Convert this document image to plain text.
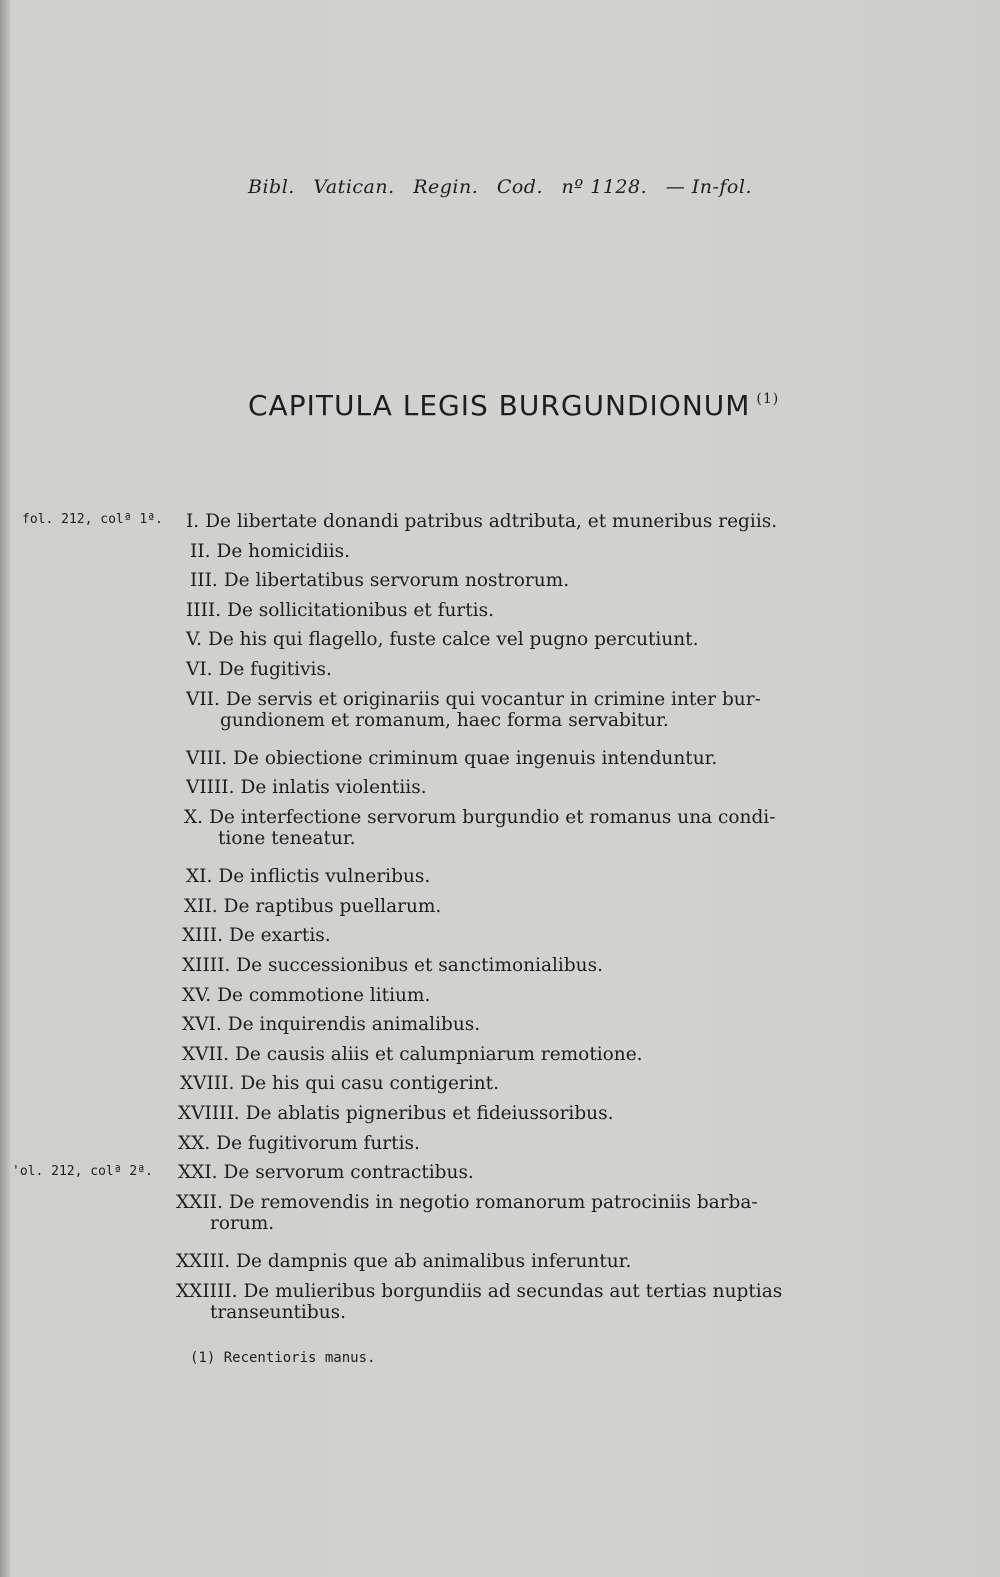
Bibl. Vatican. Regin. Cod. nº 1128. — In-fol.
CAPITULA LEGIS BURGUNDIONUM $^{(1)}$
fol. 212, colª 1ª.
'ol. 212, colª 2ª.
I. De libertate donandi patribus adtributa, et muneribus regiis.
II. De homicidiis.
III. De libertatibus servorum nostrorum.
IIII. De sollicitationibus et furtis.
V. De his qui flagello, fuste calce vel pugno percutiunt.
VI. De fugitivis.
VII. De servis et originariis qui vocantur in crimine inter bur-
gundionem et romanum, haec forma servabitur.
VIII. De obiectione criminum quae ingenuis intenduntur.
VIIII. De inlatis violentiis.
X. De interfectione servorum burgundio et romanus una condi-
tione teneatur.
XI. De inflictis vulneribus.
XII. De raptibus puellarum.
XIII. De exartis.
XIIII. De successionibus et sanctimonialibus.
XV. De commotione litium.
XVI. De inquirendis animalibus.
XVII. De causis aliis et calumpniarum remotione.
XVIII. De his qui casu contigerint.
XVIIII. De ablatis pigneribus et fideiussoribus.
XX. De fugitivorum furtis.
XXI. De servorum contractibus.
XXII. De removendis in negotio romanorum patrociniis barba-
rorum.
XXIII. De dampnis que ab animalibus inferuntur.
XXIIII. De mulieribus borgundiis ad secundas aut tertias nuptias
transeuntibus.
(1) Recentioris manus.
